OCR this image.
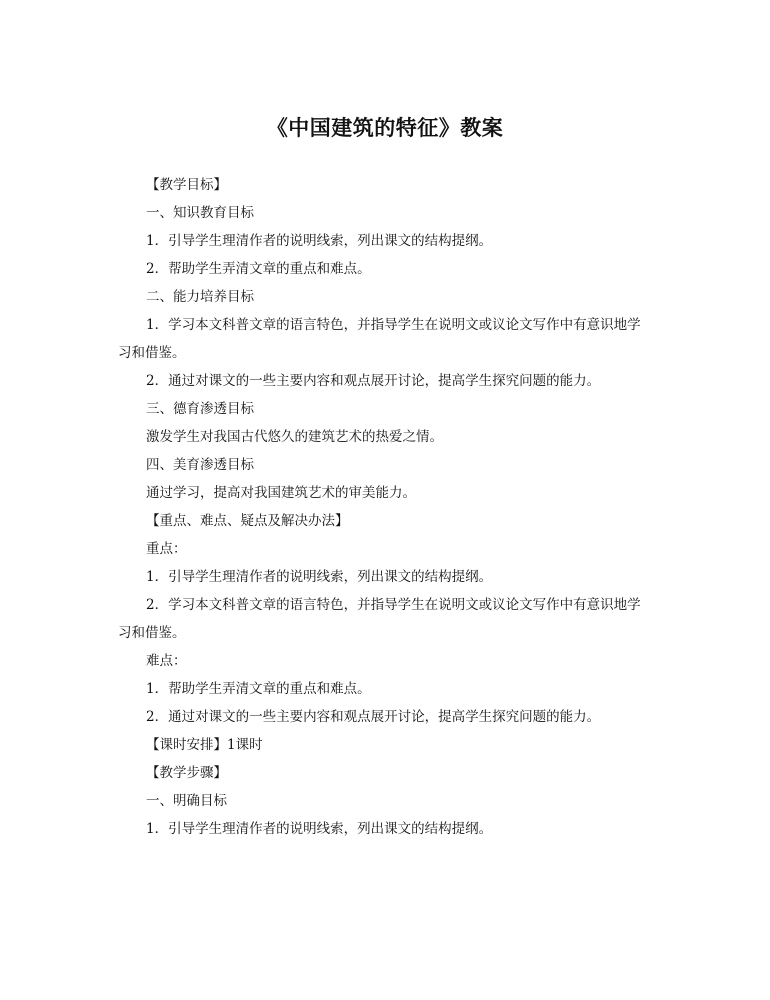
《中国建筑的特征》教案

【教学目标】

一、知识教育目标

1．引导学生理清作者的说明线索，列出课文的结构提纲。

2．帮助学生弄清文章的重点和难点。

二、能力培养目标

1．学习本文科普文章的语言特色，并指导学生在说明文或议论文写作中有意识地学习和借鉴。

2．通过对课文的一些主要内容和观点展开讨论，提高学生探究问题的能力。

三、德育渗透目标

激发学生对我国古代悠久的建筑艺术的热爱之情。

四、美育渗透目标

通过学习，提高对我国建筑艺术的审美能力。

【重点、难点、疑点及解决办法】

重点：

1．引导学生理清作者的说明线索，列出课文的结构提纲。

2．学习本文科普文章的语言特色，并指导学生在说明文或议论文写作中有意识地学习和借鉴。

难点：

1．帮助学生弄清文章的重点和难点。

2．通过对课文的一些主要内容和观点展开讨论，提高学生探究问题的能力。

【课时安排】1课时

【教学步骤】

一、明确目标

1．引导学生理清作者的说明线索，列出课文的结构提纲。
